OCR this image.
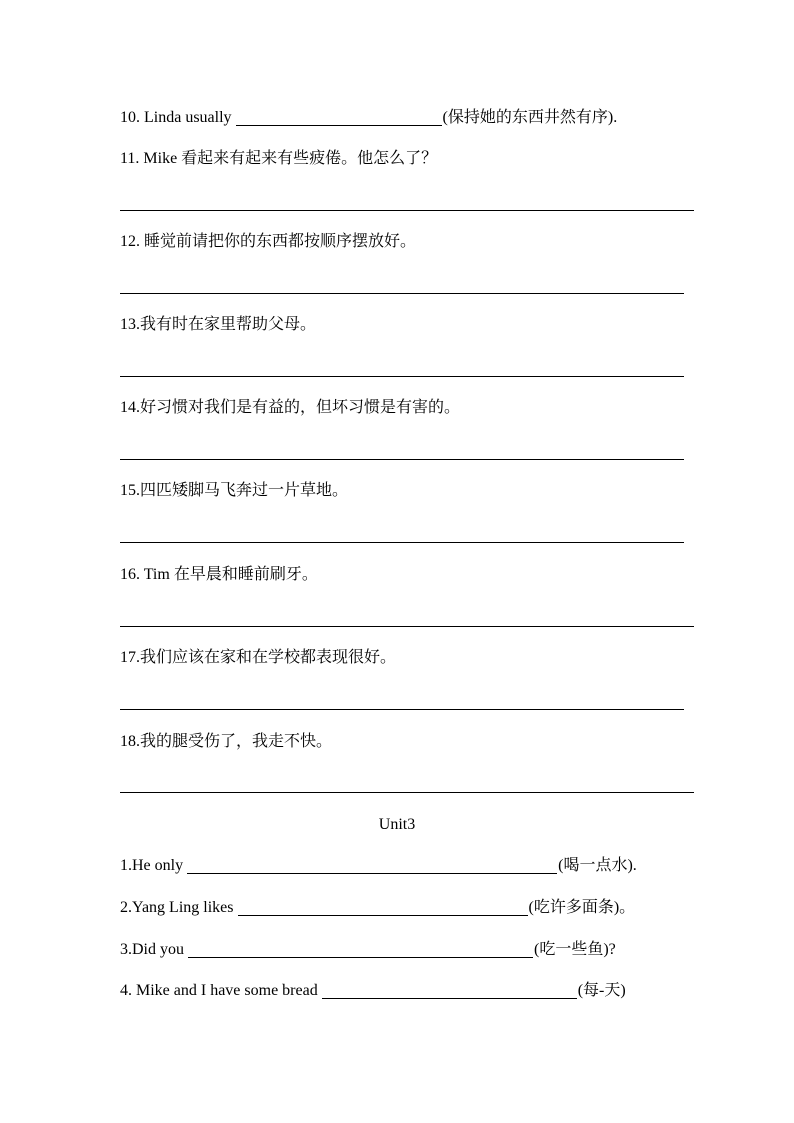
10. Linda usually	(保持她的东西井然有序).
11. Mike 看起来有起来有些疲倦。他怎么了？
12. 睡觉前请把你的东西都按顺序摆放好。
13.我有时在家里帮助父母。
14.好习惯对我们是有益的，但坏习惯是有害的。
15.四匹矮脚马飞奔过一片草地。
16. Tim 在早晨和睡前刷牙。
17.我们应该在家和在学校都表现很好。
18.我的腿受伤了，我走不快。
Unit3
1.He only	(喝一点水).
2.Yang Ling likes	(吃许多面条)。
3.Did you	(吃一些鱼)?
4. Mike and I have some bread	(每-天)
